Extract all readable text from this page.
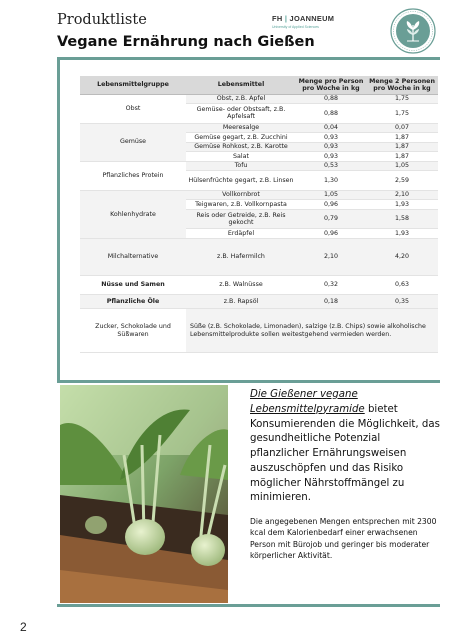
Produktliste
Vegane Ernährung nach Gießen
FH | JOANNEUM
University of Applied Sciences
Lebensmittelgruppe	Lebensmittel	Menge pro Person pro Woche in kg	Menge 2 Personen pro Woche in kg
Obst	Obst, z.B. Apfel	0,88	1,75
	Gemüse- oder Obstsaft, z.B. Apfelsaft	0,88	1,75
Gemüse	Meeresalge	0,04	0,07
	Gemüse gegart, z.B. Zucchini	0,93	1,87
	Gemüse Rohkost, z.B. Karotte	0,93	1,87
	Salat	0,93	1,87
Pflanzliches Protein	Tofu	0,53	1,05
	Hülsenfrüchte gegart, z.B. Linsen	1,30	2,59
Kohlenhydrate	Vollkornbrot	1,05	2,10
	Teigwaren, z.B. Vollkornpasta	0,96	1,93
	Reis oder Getreide, z.B. Reis gekocht	0,79	1,58
	Erdäpfel	0,96	1,93
Milchalternative	z.B. Hafermilch	2,10	4,20
Nüsse und Samen	z.B. Walnüsse	0,32	0,63
Pflanzliche Öle	z.B. Rapsöl	0,18	0,35
Zucker, Schokolade und Süßwaren	Süße (z.B. Schokolade, Limonaden), salzige (z.B. Chips) sowie alkoholische Lebensmittelprodukte sollen weitestgehend vermieden werden.		

Die Gießener vegane Lebensmittelpyramide bietet Konsumierenden die Möglichkeit, das gesundheitliche Potenzial pflanzlicher Ernährungsweisen auszuschöpfen und das Risiko möglicher Nährstoffmängel zu minimieren.

Die angegebenen Mengen entsprechen mit 2300 kcal dem Kalorienbedarf einer erwachsenen Person mit Bürojob und geringer bis moderater körperlicher Aktivität.

2
